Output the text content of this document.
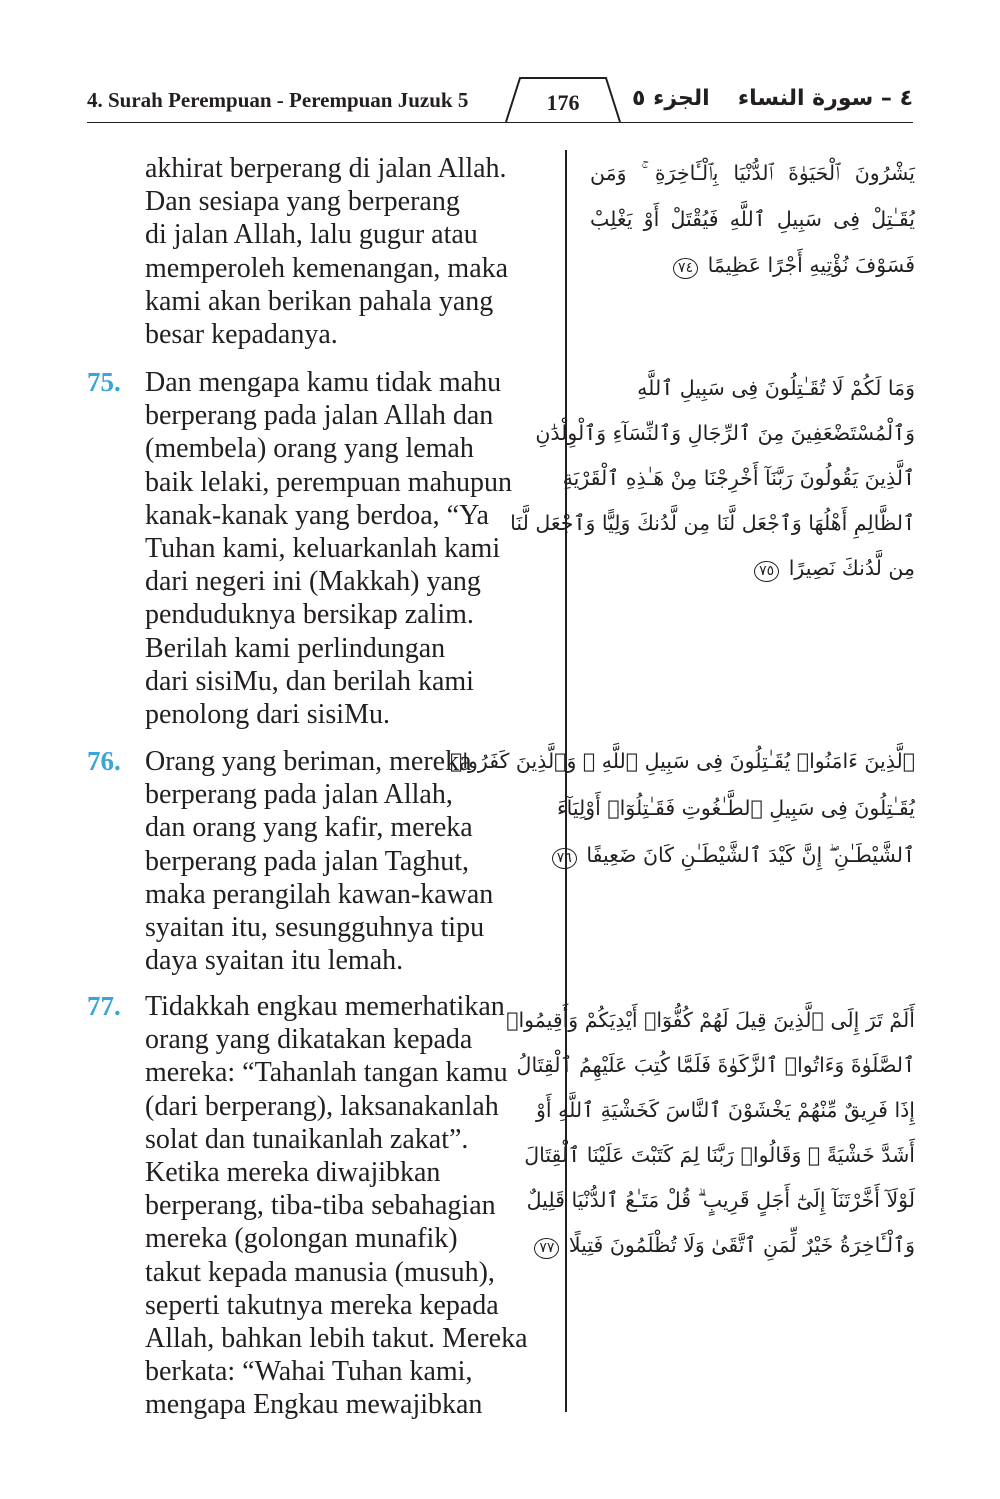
4. Surah Perempuan - Perempuan Juzuk 5	176	الجزء ٥ ٤ – سورة النساء
akhirat berperang di jalan Allah.
Dan sesiapa yang berperang
di jalan Allah, lalu gugur atau
memperoleh kemenangan, maka
kami akan berikan pahala yang
besar kepadanya.
75. Dan mengapa kamu tidak mahu
berperang pada jalan Allah dan
(membela) orang yang lemah
baik lelaki, perempuan mahupun
kanak-kanak yang berdoa, “Ya
Tuhan kami, keluarkanlah kami
dari negeri ini (Makkah) yang
penduduknya bersikap zalim.
Berilah kami perlindungan
dari sisiMu, dan berilah kami
penolong dari sisiMu.
76. Orang yang beriman, mereka
berperang pada jalan Allah,
dan orang yang kafir, mereka
berperang pada jalan Taghut,
maka perangilah kawan-kawan
syaitan itu, sesungguhnya tipu
daya syaitan itu lemah.
77. Tidakkah engkau memerhatikan
orang yang dikatakan kepada
mereka: “Tahanlah tangan kamu
(dari berperang), laksanakanlah
solat dan tunaikanlah zakat”.
Ketika mereka diwajibkan
berperang, tiba-tiba sebahagian
mereka (golongan munafik)
takut kepada manusia (musuh),
seperti takutnya mereka kepada
Allah, bahkan lebih takut. Mereka
berkata: “Wahai Tuhan kami,
mengapa Engkau mewajibkan
يَشْرُونَ ٱلْحَيَوٰةَ ٱلدُّنْيَا بِٱلْـَٔاخِرَةِ ۚ وَمَن
يُقَـٰتِلْ فِى سَبِيلِ ٱللَّهِ فَيُقْتَلْ أَوْ يَغْلِبْ
فَسَوْفَ نُؤْتِيهِ أَجْرًا عَظِيمًا ٧٤
وَمَا لَكُمْ لَا تُقَـٰتِلُونَ فِى سَبِيلِ ٱللَّهِ
وَٱلْمُسْتَضْعَفِينَ مِنَ ٱلرِّجَالِ وَٱلنِّسَآءِ وَٱلْوِلْدَٰنِ
ٱلَّذِينَ يَقُولُونَ رَبَّنَآ أَخْرِجْنَا مِنْ هَـٰذِهِ ٱلْقَرْيَةِ
ٱلظَّالِمِ أَهْلُهَا وَٱجْعَل لَّنَا مِن لَّدُنكَ وَلِيًّا وَٱجْعَل لَّنَا
مِن لَّدُنكَ نَصِيرًا ٧٥
ٱلَّذِينَ ءَامَنُوا۟ يُقَـٰتِلُونَ فِى سَبِيلِ ٱللَّهِ ۖ وَٱلَّذِينَ كَفَرُوا۟
يُقَـٰتِلُونَ فِى سَبِيلِ ٱلطَّـٰغُوتِ فَقَـٰتِلُوٓا۟ أَوْلِيَآءَ
ٱلشَّيْطَـٰنِ ۖ إِنَّ كَيْدَ ٱلشَّيْطَـٰنِ كَانَ ضَعِيفًا ٧٦
أَلَمْ تَرَ إِلَى ٱلَّذِينَ قِيلَ لَهُمْ كُفُّوٓا۟ أَيْدِيَكُمْ وَأَقِيمُوا۟
ٱلصَّلَوٰةَ وَءَاتُوا۟ ٱلزَّكَوٰةَ فَلَمَّا كُتِبَ عَلَيْهِمُ ٱلْقِتَالُ
إِذَا فَرِيقٌ مِّنْهُمْ يَخْشَوْنَ ٱلنَّاسَ كَخَشْيَةِ ٱللَّهِ أَوْ
أَشَدَّ خَشْيَةً ۚ وَقَالُوا۟ رَبَّنَا لِمَ كَتَبْتَ عَلَيْنَا ٱلْقِتَالَ
لَوْلَآ أَخَّرْتَنَآ إِلَىٰٓ أَجَلٍ قَرِيبٍ ۗ قُلْ مَتَـٰعُ ٱلدُّنْيَا قَلِيلٌ
وَٱلْـَٔاخِرَةُ خَيْرٌ لِّمَنِ ٱتَّقَىٰ وَلَا تُظْلَمُونَ فَتِيلًا ٧٧
